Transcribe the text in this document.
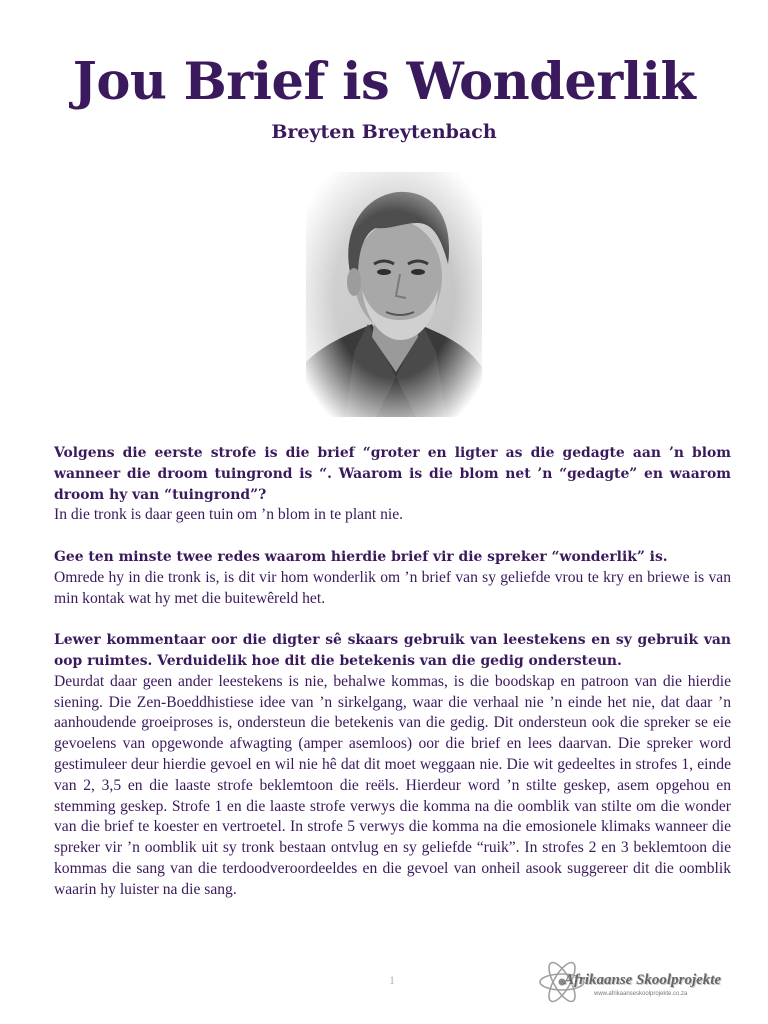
Jou Brief is Wonderlik
Breyten Breytenbach

Volgens die eerste strofe is die brief “groter en ligter as die gedagte aan ’n blom wanneer die droom tuingrond is “. Waarom is die blom net ’n “gedagte” en waarom droom hy van “tuingrond”?

In die tronk is daar geen tuin om ’n blom in te plant nie.

Gee ten minste twee redes waarom hierdie brief vir die spreker “wonderlik” is.

Omrede hy in die tronk is, is dit vir hom wonderlik om ’n brief van sy geliefde vrou te kry en briewe is van min kontak wat hy met die buitewêreld het.

Lewer kommentaar oor die digter sê skaars gebruik van leestekens en sy gebruik van oop ruimtes. Verduidelik hoe dit die betekenis van die gedig ondersteun.

Deurdat daar geen ander leestekens is nie, behalwe kommas, is die boodskap en patroon van die hierdie siening. Die Zen-Boeddhistiese idee van ’n sirkelgang, waar die verhaal nie ’n einde het nie, dat daar ’n aanhoudende groeiproses is, ondersteun die betekenis van die gedig. Dit ondersteun ook die spreker se eie gevoelens van opgewonde afwagting (amper asemloos) oor die brief en lees daarvan. Die spreker word gestimuleer deur hierdie gevoel en wil nie hê dat dit moet weggaan nie. Die wit gedeeltes in strofes 1, einde van 2, 3,5 en die laaste strofe beklemtoon die reëls. Hierdeur word ’n stilte geskep, asem opgehou en stemming geskep. Strofe 1 en die laaste strofe verwys die komma na die oomblik van stilte om die wonder van die brief te koester en vertroetel. In strofe 5 verwys die komma na die emosionele klimaks wanneer die spreker vir ’n oomblik uit sy tronk bestaan ontvlug en sy geliefde “ruik”. In strofes 2 en 3 beklemtoon die kommas die sang van die terdoodveroordeeldes en die gevoel van onheil asook suggereer dit die oomblik waarin hy luister na die sang.

1	Afrikaanse Skoolprojekte
www.afrikaanseskoolprojekte.co.za
